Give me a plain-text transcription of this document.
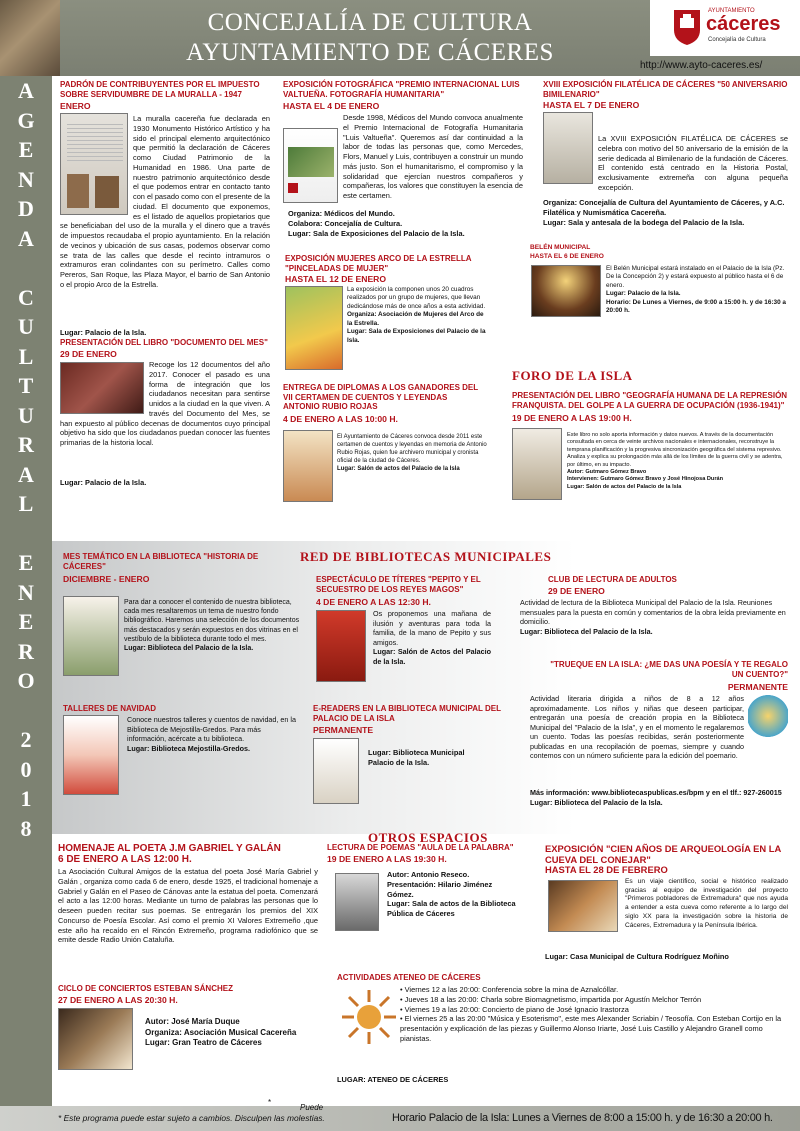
CONCEJALÍA DE CULTURA
AYUNTAMIENTO DE CÁCERES
AYUNTAMIENTO
cáceres
Concejalía de Cultura
http://www.ayto-caceres.es/
A
G
E
N
D
A
C
U
L
T
U
R
A
L
E
N
E
R
O
2
0
1
8
PADRÓN DE CONTRIBUYENTES POR EL IMPUESTO SOBRE SERVIDUMBRE DE LA MURALLA - 1947
ENERO

La muralla cacereña fue declarada en 1930 Monumento Histórico Artístico y ha sido el principal elemento arquitectónico que permitió la declaración de Cáceres como Ciudad Patrimonio de la Humanidad en 1986. Una parte de nuestro patrimonio arquitectónico desde el que podemos entrar en contacto tanto con el pasado como con el presente de la ciudad. El documento que exponemos, es el listado de aquellos propietarios que se beneficiaban del uso de la muralla y el dinero que a través de impuestos recaudaba el propio ayuntamiento. En la relación de vecinos y ubicación de sus casas, podemos observar como se trata de las calles que desde el recinto intramuros o extramuros eran colindantes con su perímetro. Calles como Pereros, San Roque, las Plaza Mayor, el barrio de San Antonio o el propio Arco de la Estrella.

Lugar: Palacio de la Isla.
PRESENTACIÓN DEL LIBRO "DOCUMENTO DEL MES"
29 DE ENERO

Recoge los 12 documentos del año 2017. Conocer el pasado es una forma de integración que los ciudadanos necesitan para sentirse unidos a la ciudad en la que viven. A través del Documento del Mes, se han expuesto al público decenas de documentos cuyo principal objetivo ha sido que los ciudadanos puedan conocer las fuentes primarias de la historia local.

Lugar: Palacio de la Isla.
EXPOSICIÓN FOTOGRÁFICA "PREMIO INTERNACIONAL LUIS VALTUEÑA. FOTOGRAFÍA HUMANITARIA"
HASTA EL 4 DE ENERO

Desde 1998, Médicos del Mundo convoca anualmente el Premio Internacional de Fotografía Humanitaria "Luis Valtueña". Queremos así dar continuidad a la labor de todas las personas que, como Mercedes, Flors, Manuel y Luis, contribuyen a construir un mundo más justo. Son el humanitarismo, el compromiso y la solidaridad que ejercían nuestros compañeros y compañeras, los valores que constituyen la esencia de este certamen.

Organiza: Médicos del Mundo.

Colabora: Concejalía de Cultura.

Lugar: Sala de Exposiciones del Palacio de la Isla.

EXPOSICIÓN MUJERES ARCO DE LA ESTRELLA "PINCELADAS DE MUJER"
HASTA EL 12 DE ENERO

La exposición la componen unos 20 cuadros realizados por un grupo de mujeres, que llevan dedicándose más de once años a esta actividad.

Organiza: Asociación de Mujeres del Arco de la Estrella.

Lugar: Sala de Exposiciones del Palacio de la Isla.

ENTREGA DE DIPLOMAS A LOS GANADORES DEL VII CERTAMEN DE CUENTOS Y LEYENDAS ANTONIO RUBIO ROJAS
4 DE ENERO A LAS 10:00 H.

El Ayuntamiento de Cáceres convoca desde 2011 este certamen de cuentos y leyendas en memoria de Antonio Rubio Rojas, quien fue archivero municipal y cronista oficial de la ciudad de Cáceres.

Lugar: Salón de actos del Palacio de la Isla

XVIII EXPOSICIÓN FILATÉLICA DE CÁCERES "50 ANIVERSARIO BIMILENARIO"
HASTA EL 7 DE ENERO

La XVIII EXPOSICIÓN FILATÉLICA DE CÁCERES se celebra con motivo del 50 aniversario de la emisión de la serie dedicada al Bimilenario de la fundación de Cáceres. El contenido está centrado en la Historia Postal, exclusivamente extremeña con alguna pequeña excepción.

Organiza: Concejalía de Cultura del Ayuntamiento de Cáceres, y A.C. Filatélica y Numismática Cacereña.

Lugar: Sala y antesala de la bodega del Palacio de la Isla.

BELÉN MUNICIPAL
HASTA EL 6 DE ENERO

El Belén Municipal estará instalado en el Palacio de la Isla (Pz. De la Concepción 2) y estará expuesto al público hasta el 6 de enero.

Lugar: Palacio de la Isla.

Horario: De Lunes a Viernes, de 9:00 a 15:00 h. y de 16:30 a 20:00 h.

FORO DE LA ISLA
PRESENTACIÓN DEL LIBRO "GEOGRAFÍA HUMANA DE LA REPRESIÓN FRANQUISTA. DEL GOLPE A LA GUERRA DE OCUPACIÓN (1936-1941)"
19 DE ENERO A LAS 19:00 H.

Este libro no solo aporta información y datos nuevos. A través de la documentación consultada en cerca de veinte archivos nacionales e internacionales, reconstruye la temprana planificación y la progresiva sincronización geográfica del sistema represivo. Analiza y explica su prolongación más allá de los límites de la guerra civil y se adentra, por último, en su impacto.

Autor: Gutmaro Gómez Bravo

Intervienen: Gutmaro Gómez Bravo y José Hinojosa Durán

Lugar: Salón de actos del Palacio de la Isla

RED DE BIBLIOTECAS MUNICIPALES
MES TEMÁTICO EN LA BIBLIOTECA "HISTORIA DE CÁCERES"
DICIEMBRE - ENERO

Para dar a conocer el contenido de nuestra biblioteca, cada mes resaltaremos un tema de nuestro fondo bibliográfico. Haremos una selección de los documentos más destacados y serán expuestos en dos vitrinas en el vestíbulo de la biblioteca durante todo el mes.

Lugar: Biblioteca del Palacio de la Isla.

ESPECTÁCULO DE TÍTERES "PEPITO Y EL SECUESTRO DE LOS REYES MAGOS"
4 DE ENERO A LAS 12:30 H.

Os proponemos una mañana de ilusión y aventuras para toda la familia, de la mano de Pepito y sus amigos.

Lugar: Salón de Actos del Palacio de la Isla.

CLUB DE LECTURA DE ADULTOS
29 DE ENERO

Actividad de lectura de la Biblioteca Municipal del Palacio de la Isla. Reuniones mensuales para la puesta en común y comentarios de la obra leída previamente en domicilio.

Lugar: Biblioteca del Palacio de la Isla.

"TRUEQUE EN LA ISLA: ¿ME DAS UNA POESÍA Y TE REGALO UN CUENTO?"
PERMANENTE

Actividad literaria dirigida a niños de 8 a 12 años aproximadamente. Los niños y niñas que deseen participar, entregarán una poesía de creación propia en la Biblioteca Municipal del "Palacio de la Isla", y en el momento le regalaremos un cuento. Todas las poesías recibidas, serán posteriormente publicadas en una recopilación de poemas, siempre y cuando contemos con un número suficiente para la edición del poemario.

Más información: www.bibliotecaspublicas.es/bpm y en el tlf.: 927-260015

Lugar: Biblioteca del Palacio de la Isla.

TALLERES DE NAVIDAD

Conoce nuestros talleres y cuentos de navidad, en la Biblioteca de Mejostilla-Gredos. Para más información, acércate a tu biblioteca.

Lugar: Biblioteca Mejostilla-Gredos.

E-READERS EN LA BIBLIOTECA MUNICIPAL DEL PALACIO DE LA ISLA
PERMANENTE
Lugar: Biblioteca Municipal Palacio de la Isla.
OTROS ESPACIOS
HOMENAJE AL POETA J.M GABRIEL Y GALÁN
6 DE ENERO A LAS 12:00 H.

La Asociación Cultural Amigos de la estatua del poeta José María Gabriel y Galán , organiza como cada 6 de enero, desde 1925, el tradicional homenaje a Gabriel y Galán en el Paseo de Cánovas ante la estatua del poeta. Comenzará el acto a las 12:00 horas. Mediante un turno de palabras las personas que lo deseen pueden recitar sus poemas. Se entregarán los premios del XIX Concurso de Poesía Escolar. Así como el premio XI Valores Extremeño ,que este año ha recaído en el Rincón Extremeño, programa radiofónico que se emite desde Radio Unión Cataluña.

CICLO DE CONCIERTOS ESTEBAN SÁNCHEZ
27 DE ENERO A LAS 20:30 H.

Autor: José María Duque

Organiza: Asociación Musical Cacereña

Lugar: Gran Teatro de Cáceres

LECTURA DE POEMAS "AULA DE LA PALABRA"
19 DE ENERO A LAS 19:30 H.

Autor: Antonio Reseco.

Presentación: Hilario Jiménez Gómez.

Lugar: Sala de actos de la Biblioteca Pública de Cáceres

EXPOSICIÓN "CIEN AÑOS DE ARQUEOLOGÍA EN LA CUEVA DEL CONEJAR"
HASTA EL 28 DE FEBRERO

Es un viaje científico, social e histórico realizado gracias al equipo de investigación del proyecto "Primeros pobladores de Extremadura" que nos ayuda a entender a esta cueva como referente a lo largo del siglo XX para la investigación sobre la historia de Cáceres, Extremadura y la Península Ibérica.

Lugar: Casa Municipal de Cultura Rodríguez Moñino
ACTIVIDADES ATENEO DE CÁCERES

• Viernes 12 a las 20:00: Conferencia sobre la mina de Aznalcóllar.

• Jueves 18 a las 20:00: Charla sobre Biomagnetismo, impartida por Agustín Melchor Terrón

• Viernes 19 a las 20:00: Concierto de piano de José Ignacio Irastorza

• El viernes 25 a las 20:00 "Música y Esoterismo", este mes Alexander Scriabin / Teosofía. Con Esteban Cortijo en la presentación y explicación de las piezas y Guillermo Alonso Iriarte, José Luis Castillo y Alejandro Granell como pianistas.

LUGAR: ATENEO DE CÁCERES
*
Puede
* Este programa puede estar sujeto a cambios. Disculpen las molestias.	Horario Palacio de la Isla: Lunes a Viernes de 8:00 a 15:00 h. y de 16:30 a 20:00 h.
